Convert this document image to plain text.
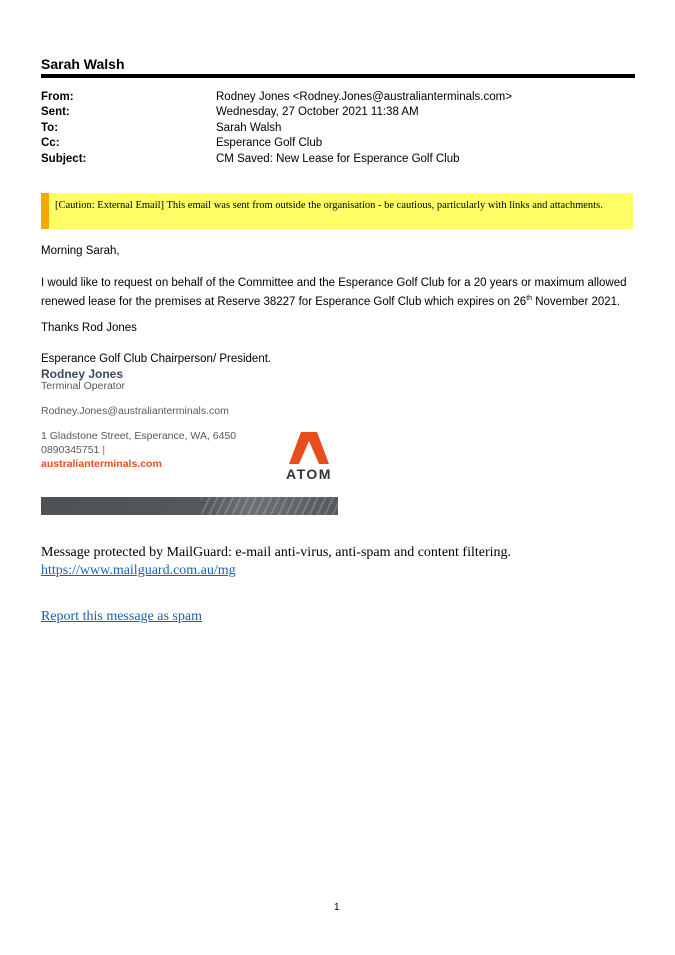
Sarah Walsh
From:	Rodney Jones <Rodney.Jones@australianterminals.com>
Sent:	Wednesday, 27 October 2021 11:38 AM
To:	Sarah Walsh
Cc:	Esperance Golf Club
Subject:	CM Saved: New Lease for Esperance Golf Club
[Caution: External Email] This email was sent from outside the organisation - be cautious, particularly with links and attachments.
Morning Sarah,
I would like to request on behalf of the Committee and the Esperance Golf Club for a 20 years or maximum allowed renewed lease for the premises at Reserve 38227 for Esperance Golf Club which expires on 26th November 2021.
Thanks Rod Jones
Esperance Golf Club Chairperson/ President.
Rodney Jones
Terminal Operator
Rodney.Jones@australianterminals.com
1 Gladstone Street, Esperance, WA, 6450
0890345751 |
australianterminals.com
ATOM
Message protected by MailGuard: e-mail anti-virus, anti-spam and content filtering.
https://www.mailguard.com.au/mg
Report this message as spam
1
